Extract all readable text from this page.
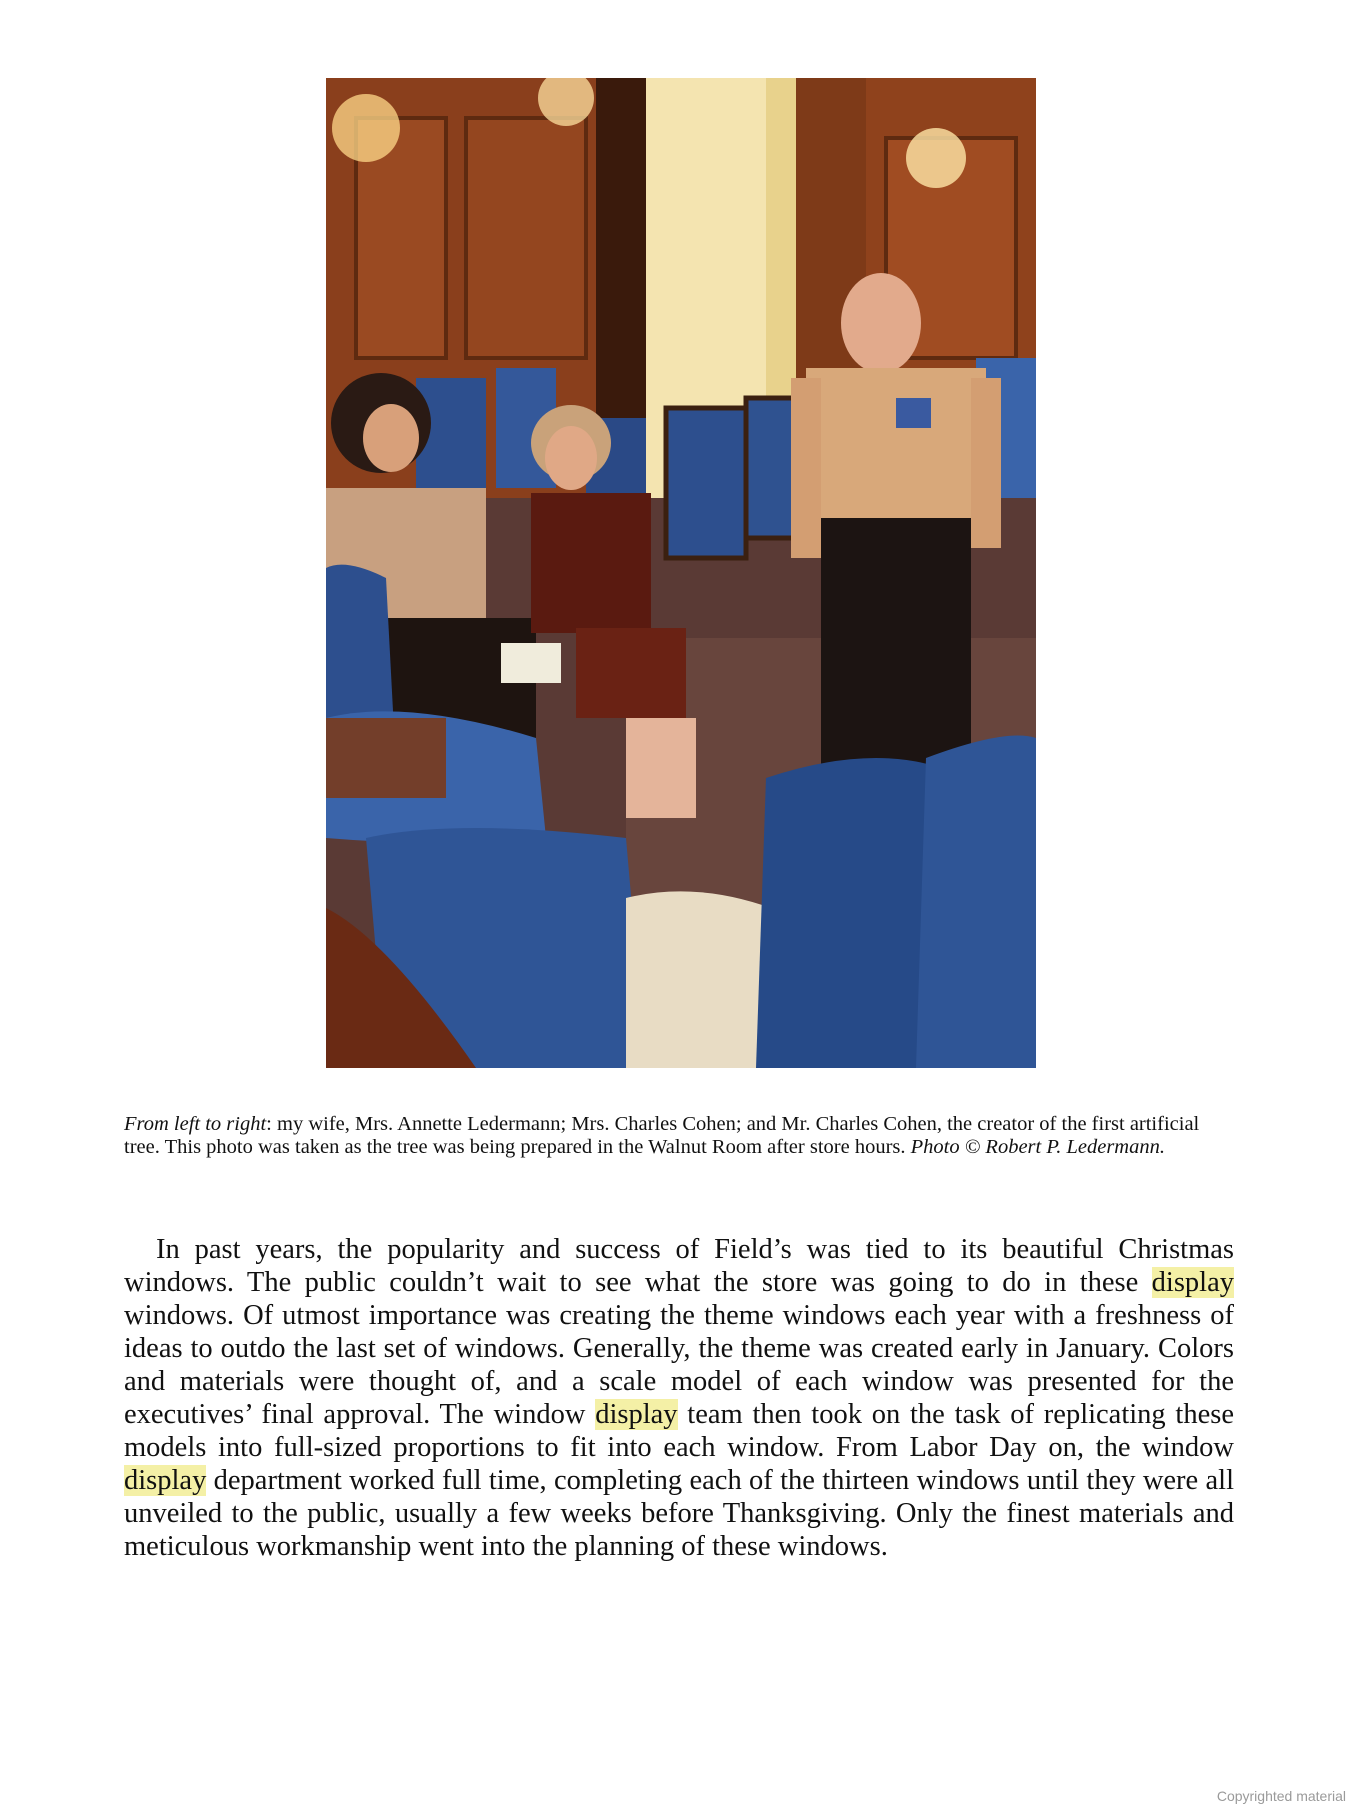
From left to right: my wife, Mrs. Annette Ledermann; Mrs. Charles Cohen; and Mr. Charles Cohen, the creator of the first artificial tree. This photo was taken as the tree was being prepared in the Walnut Room after store hours. Photo © Robert P. Ledermann.

In past years, the popularity and success of Field’s was tied to its beautiful Christmas windows. The public couldn’t wait to see what the store was going to do in these display windows. Of utmost importance was creating the theme windows each year with a freshness of ideas to outdo the last set of windows. Generally, the theme was created early in January. Colors and materials were thought of, and a scale model of each window was presented for the executives’ final approval. The window display team then took on the task of replicating these models into full-sized proportions to fit into each window. From Labor Day on, the window display department worked full time, completing each of the thirteen windows until they were all unveiled to the public, usually a few weeks before Thanksgiving. Only the finest materials and meticulous workmanship went into the planning of these windows.

Copyrighted material
